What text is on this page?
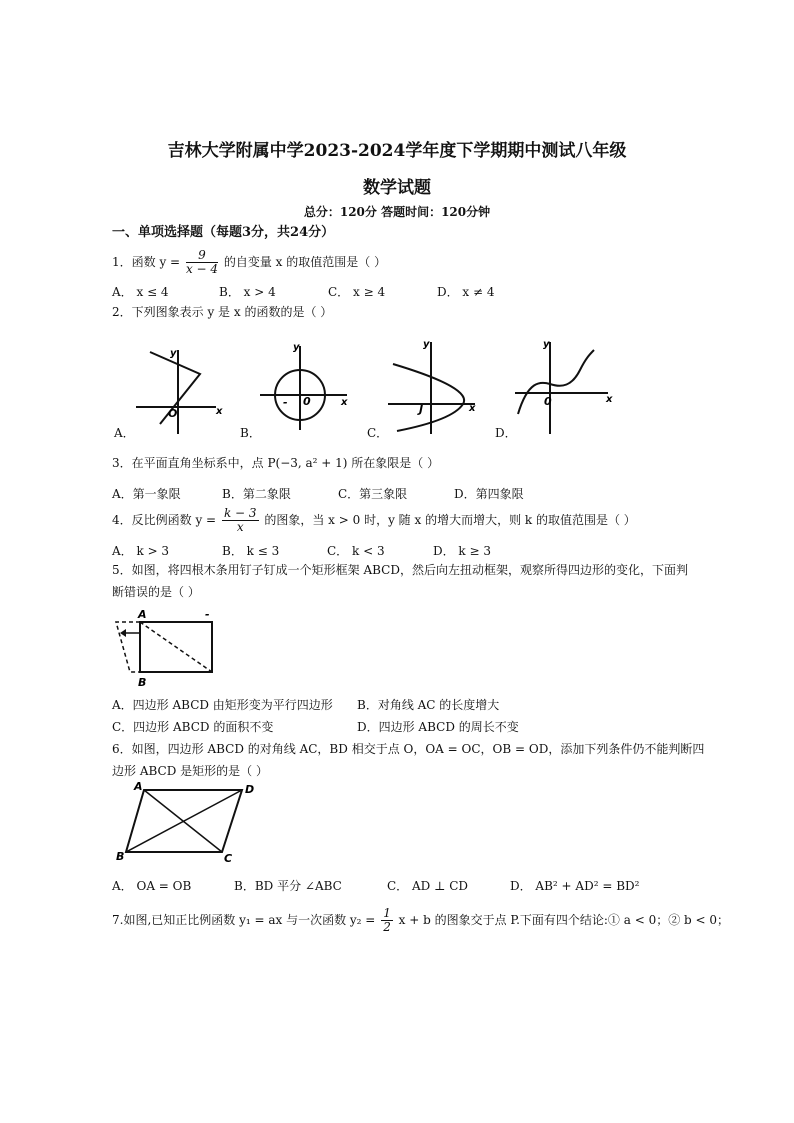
吉林大学附属中学2023-2024学年度下学期期中测试八年级
数学试题
总分：120分 答题时间：120分钟
一、单项选择题（每题3分，共24分）
1．函数 $y = \frac{9}{x - 4}$ 的自变量 x 的取值范围是（ ）
A． x ≤ 4	B． x > 4	C． x ≥ 4	D． x ≠ 4
2．下列图象表示 y 是 x 的函数的是（ ）
O	x
y
A．
0
-	x
y
B．
J	x
y
C．
0	x
y
D．
3．在平面直角坐标系中，点 P(−3, a² + 1) 所在象限是（ ）
A．第一象限	B．第二象限	C．第三象限	D．第四象限
4．反比例函数 $y = \frac{k - 3}{x}$ 的图象，当 x > 0 时，y 随 x 的增大而增大，则 k 的取值范围是（ ）
A． k > 3	B． k ≤ 3	C． k < 3	D． k ≥ 3
5．如图，将四根木条用钉子钉成一个矩形框架 ABCD，然后向左扭动框架，观察所得四边形的变化，下面判
断错误的是（ ）
A
B
-
A．四边形 ABCD 由矩形变为平行四边形 B．对角线 AC 的长度增大
C．四边形 ABCD 的面积不变	D．四边形 ABCD 的周长不变
6．如图，四边形 ABCD 的对角线 AC，BD 相交于点 O，OA = OC，OB = OD，添加下列条件仍不能判断四
边形 ABCD 是矩形的是（ ）
A	D
B	C
A． OA = OB	B．BD 平分 ∠ABC	C． AD ⊥ CD	D． AB² + AD² = BD²
7.如图,已知正比例函数 y₁ = ax 与一次函数 $y_2 = \frac{1}{2}$ x + b 的图象交于点 P.下面有四个结论:① a < 0；② b < 0；
